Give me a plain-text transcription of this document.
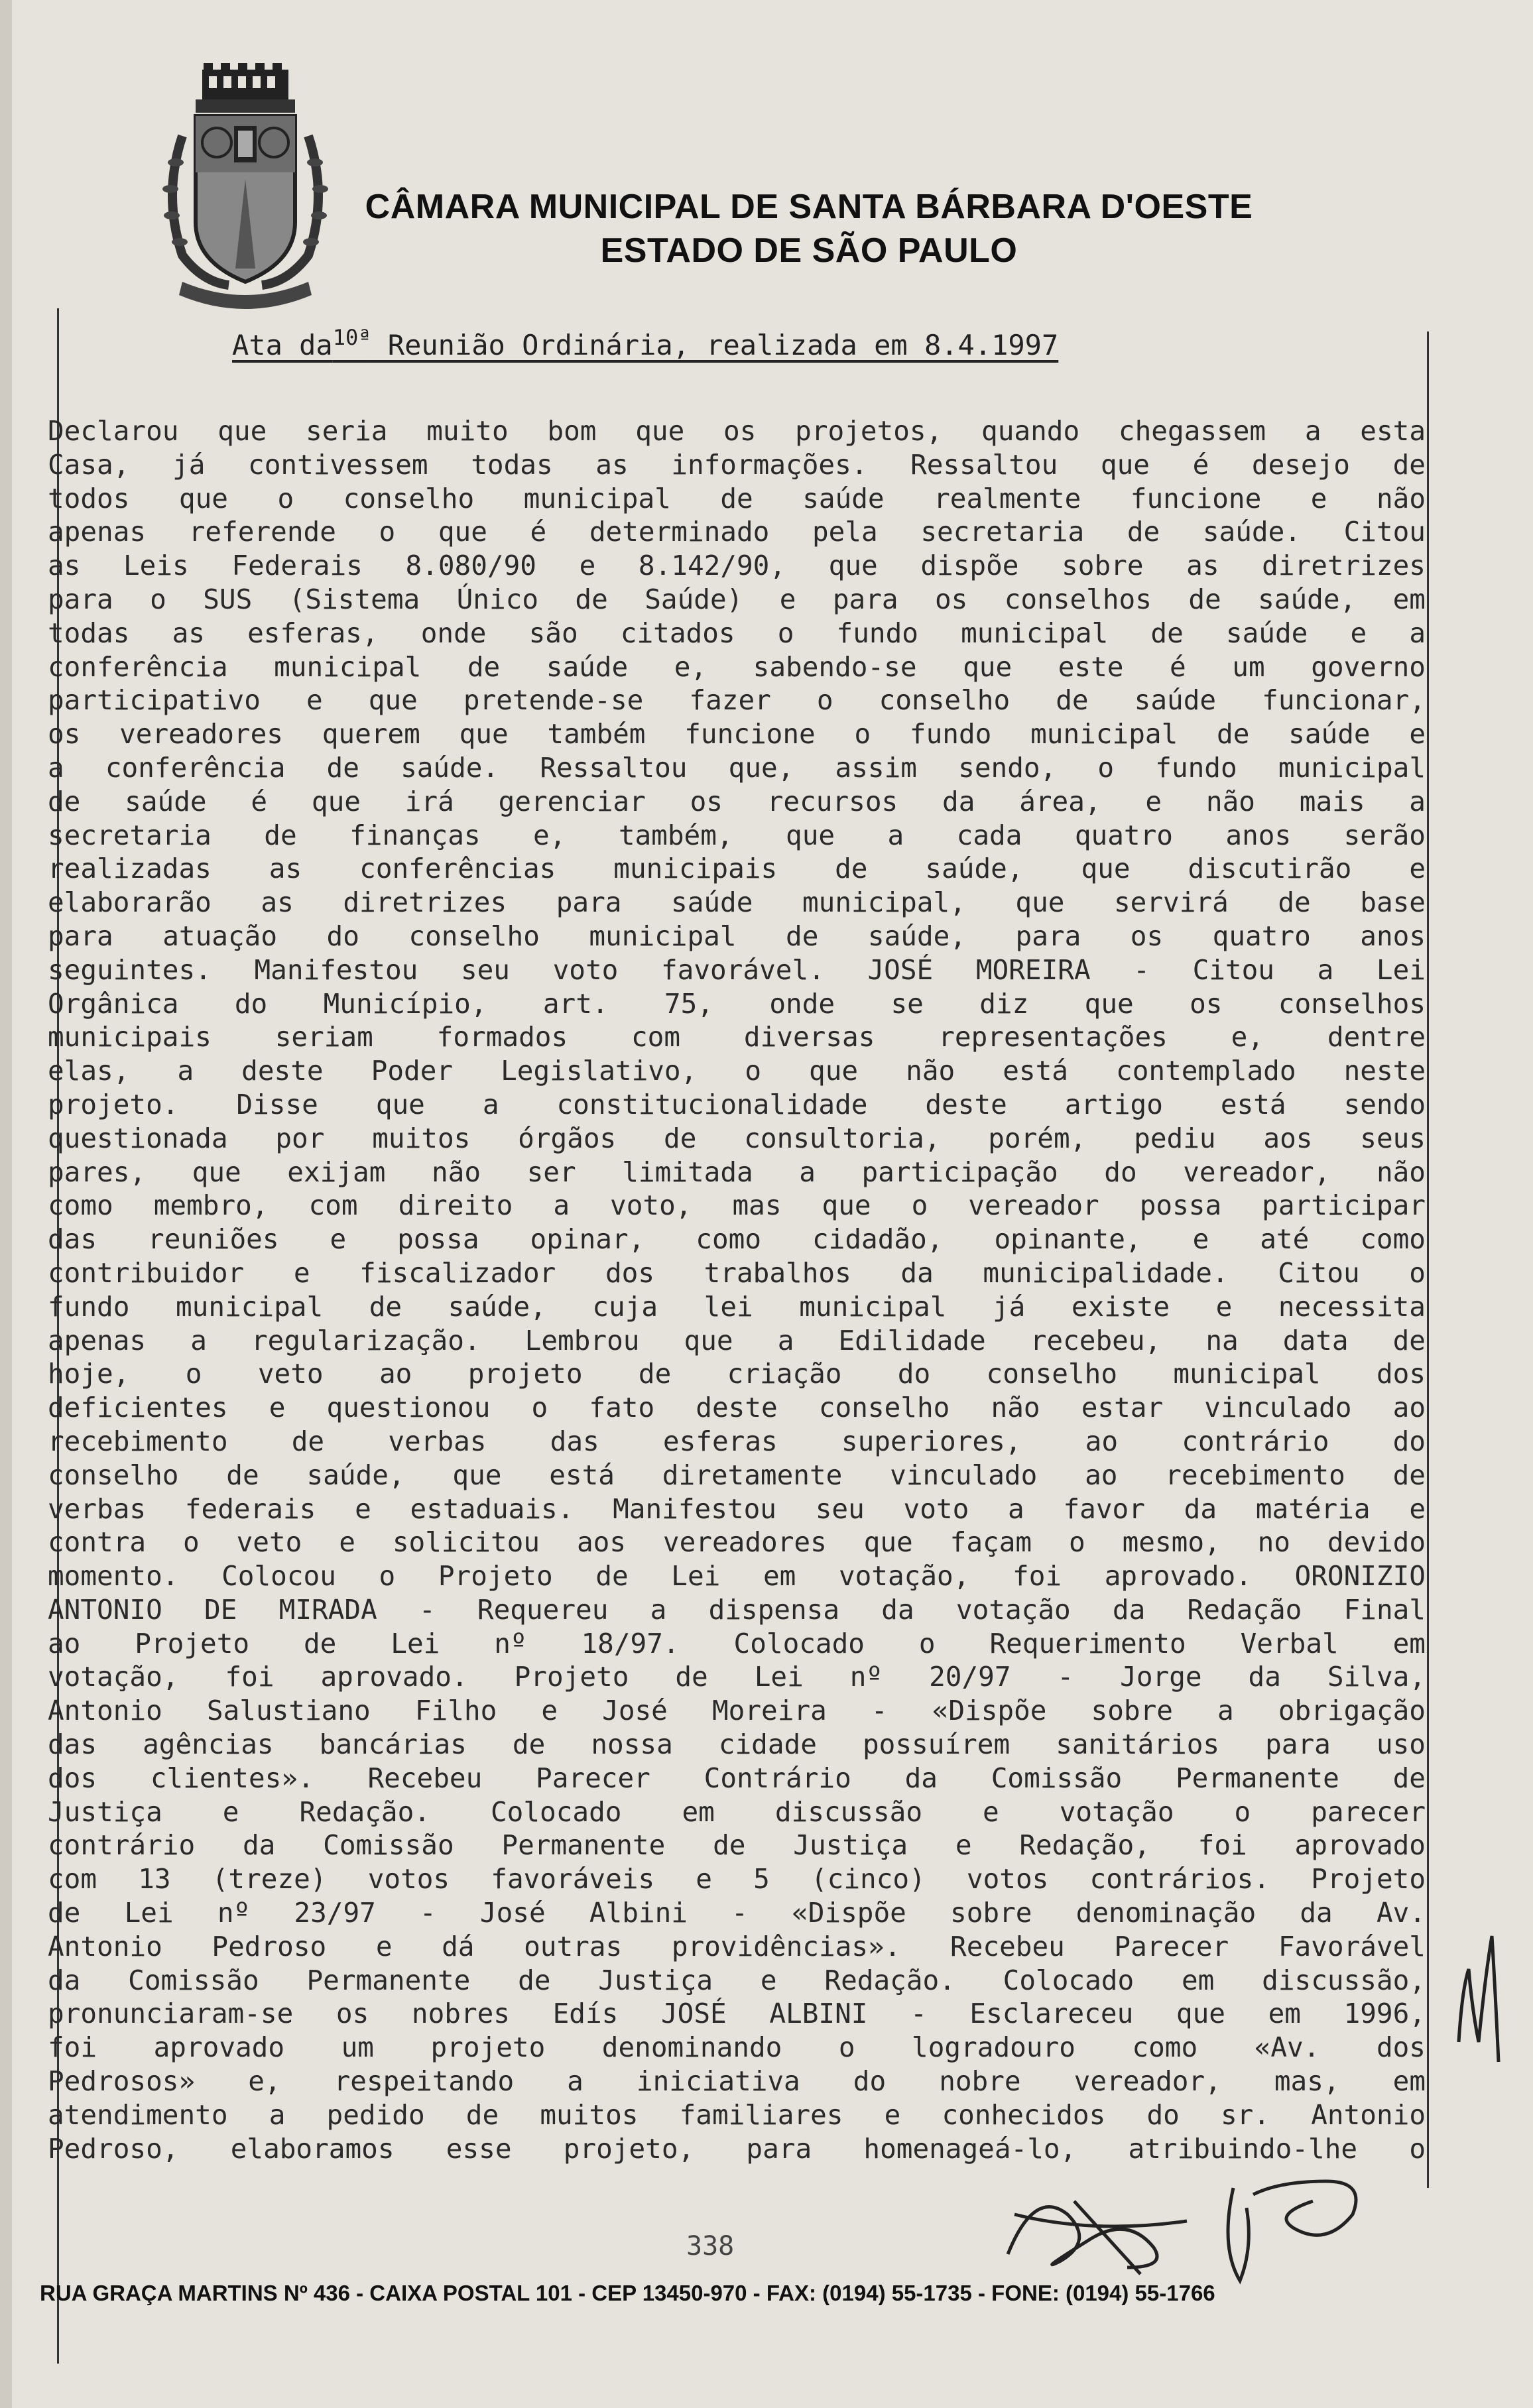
CÂMARA MUNICIPAL DE SANTA BÁRBARA D'OESTE
ESTADO DE SÃO PAULO
Ata $da^{10ª}$ Reunião Ordinária, realizada em 8.4.1997
Declarou que seria muito bom que os projetos, quando chegassem a esta
Casa, já contivessem todas as informações. Ressaltou que é desejo de
todos que o conselho municipal de saúde realmente funcione e não
apenas referende o que é determinado pela secretaria de saúde. Citou
as Leis Federais 8.080/90 e 8.142/90, que dispõe sobre as diretrizes
para o SUS (Sistema Único de Saúde) e para os conselhos de saúde, em
todas as esferas, onde são citados o fundo municipal de saúde e a
conferência municipal de saúde e, sabendo-se que este é um governo
participativo e que pretende-se fazer o conselho de saúde funcionar,
os vereadores querem que também funcione o fundo municipal de saúde e
a conferência de saúde. Ressaltou que, assim sendo, o fundo municipal
de saúde é que irá gerenciar os recursos da área, e não mais a
secretaria de finanças e, também, que a cada quatro anos serão
realizadas as conferências municipais de saúde, que discutirão e
elaborarão as diretrizes para saúde municipal, que servirá de base
para atuação do conselho municipal de saúde, para os quatro anos
seguintes. Manifestou seu voto favorável. JOSÉ MOREIRA - Citou a Lei
Orgânica do Município, art. 75, onde se diz que os conselhos
municipais seriam formados com diversas representações e, dentre
elas, a deste Poder Legislativo, o que não está contemplado neste
projeto. Disse que a constitucionalidade deste artigo está sendo
questionada por muitos órgãos de consultoria, porém, pediu aos seus
pares, que exijam não ser limitada a participação do vereador, não
como membro, com direito a voto, mas que o vereador possa participar
das reuniões e possa opinar, como cidadão, opinante, e até como
contribuidor e fiscalizador dos trabalhos da municipalidade. Citou o
fundo municipal de saúde, cuja lei municipal já existe e necessita
apenas a regularização. Lembrou que a Edilidade recebeu, na data de
hoje, o veto ao projeto de criação do conselho municipal dos
deficientes e questionou o fato deste conselho não estar vinculado ao
recebimento de verbas das esferas superiores, ao contrário do
conselho de saúde, que está diretamente vinculado ao recebimento de
verbas federais e estaduais. Manifestou seu voto a favor da matéria e
contra o veto e solicitou aos vereadores que façam o mesmo, no devido
momento. Colocou o Projeto de Lei em votação, foi aprovado. ORONIZIO
ANTONIO DE MIRADA - Requereu a dispensa da votação da Redação Final
ao Projeto de Lei nº 18/97. Colocado o Requerimento Verbal em
votação, foi aprovado. Projeto de Lei nº 20/97 - Jorge da Silva,
Antonio Salustiano Filho e José Moreira - «Dispõe sobre a obrigação
das agências bancárias de nossa cidade possuírem sanitários para uso
dos clientes». Recebeu Parecer Contrário da Comissão Permanente de
Justiça e Redação. Colocado em discussão e votação o parecer
contrário da Comissão Permanente de Justiça e Redação, foi aprovado
com 13 (treze) votos favoráveis e 5 (cinco) votos contrários. Projeto
de Lei nº 23/97 - José Albini - «Dispõe sobre denominação da Av.
Antonio Pedroso e dá outras providências». Recebeu Parecer Favorável
da Comissão Permanente de Justiça e Redação. Colocado em discussão,
pronunciaram-se os nobres Edís JOSÉ ALBINI - Esclareceu que em 1996,
foi aprovado um projeto denominando o logradouro como «Av. dos
Pedrosos» e, respeitando a iniciativa do nobre vereador, mas, em
atendimento a pedido de muitos familiares e conhecidos do sr. Antonio
Pedroso, elaboramos esse projeto, para homenageá-lo, atribuindo-lhe o
338
RUA GRAÇA MARTINS Nº 436 - CAIXA POSTAL 101 - CEP 13450-970 - FAX: (0194) 55-1735 - FONE: (0194) 55-1766
